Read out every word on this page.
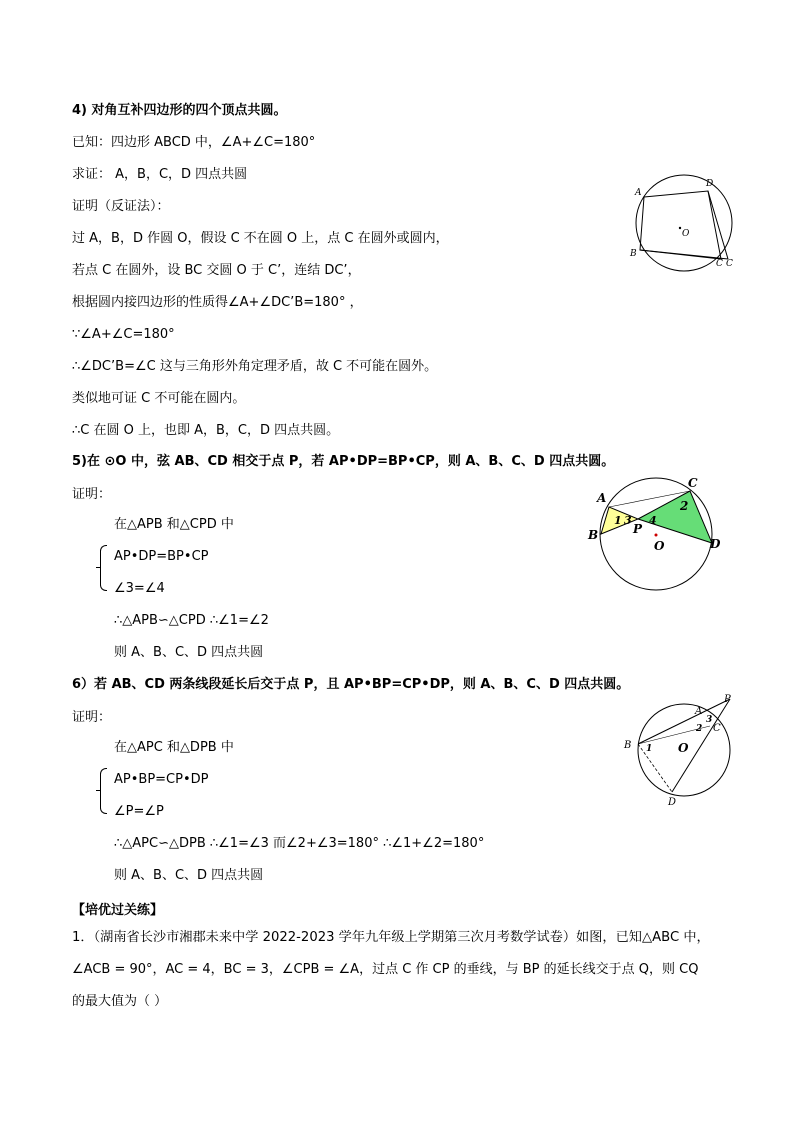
4) 对角互补四边形的四个顶点共圆。
已知：四边形 ABCD 中，∠A+∠C=180°
求证： A，B，C，D 四点共圆
证明（反证法）：
过 A，B，D 作圆 O，假设 C 不在圆 O 上，点 C 在圆外或圆内，
若点 C 在圆外，设 BC 交圆 O 于 C’，连结 DC’，
根据圆内接四边形的性质得∠A+∠DC’B=180° ，
∵∠A+∠C=180°
∴∠DC’B=∠C 这与三角形外角定理矛盾，故 C 不可能在圆外。
类似地可证 C 不可能在圆内。
∴C 在圆 O 上，也即 A，B，C，D 四点共圆。
A
D
B
C C
O
5)在 ⊙O 中，弦 AB、CD 相交于点 P，若 AP•DP=BP•CP，则 A、B、C、D 四点共圆。
证明：
在△APB 和△CPD 中
AP•DP=BP•CP
∠3=∠4
∴△APB∽△CPD ∴∠1=∠2
则 A、B、C、D 四点共圆
A
B
C
D
P
O
1 3 4
2
6）若 AB、CD 两条线段延长后交于点 P，且 AP•BP=CP•DP，则 A、B、C、D 四点共圆。
证明：
在△APC 和△DPB 中
AP•BP=CP•DP
∠P=∠P
∴△APC∽△DPB ∴∠1=∠3 而∠2+∠3=180° ∴∠1+∠2=180°
则 A、B、C、D 四点共圆
P
A
C
B
D
O
1
2
3
【培优过关练】
1．（湖南省长沙市湘郡未来中学 2022-2023 学年九年级上学期第三次月考数学试卷）如图，已知△ABC 中，
∠ACB = 90°，AC = 4，BC = 3，∠CPB = ∠A，过点 C 作 CP 的垂线，与 BP 的延长线交于点 Q，则 CQ
的最大值为（ ）
